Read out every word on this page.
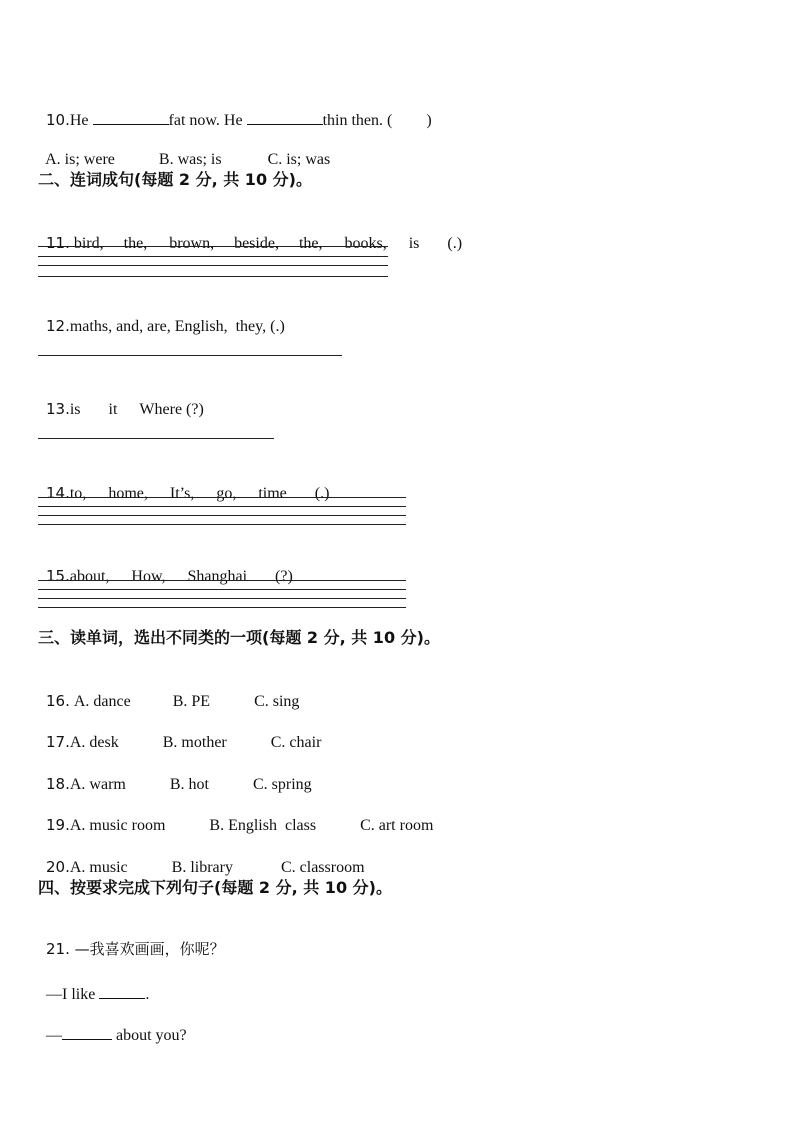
10.He	fat now. He	thin then. ( )

A. is; were	B. was; is	C. is; was

二、连词成句(每题 2 分, 共 10 分)。

11. bird, the, brown, beside, the, books, is (.)

12.maths, and, are, English,  they, (.)

13.is it Where (?)

14.to, home, It’s, go, time (.)

15.about, How, Shanghai (?)

三、读单词，选出不同类的一项(每题 2 分, 共 10 分)。

16. A. dance	B. PE	C. sing

17.A. desk	B. mother	C. chair

18.A. warm	B. hot	C. spring

19.A. music room	B. English  class	C. art room

20.A. music	B. library	C. classroom

四、按要求完成下列句子(每题 2 分, 共 10 分)。

21. —我喜欢画画，你呢？

—I like	.

—	about you?
